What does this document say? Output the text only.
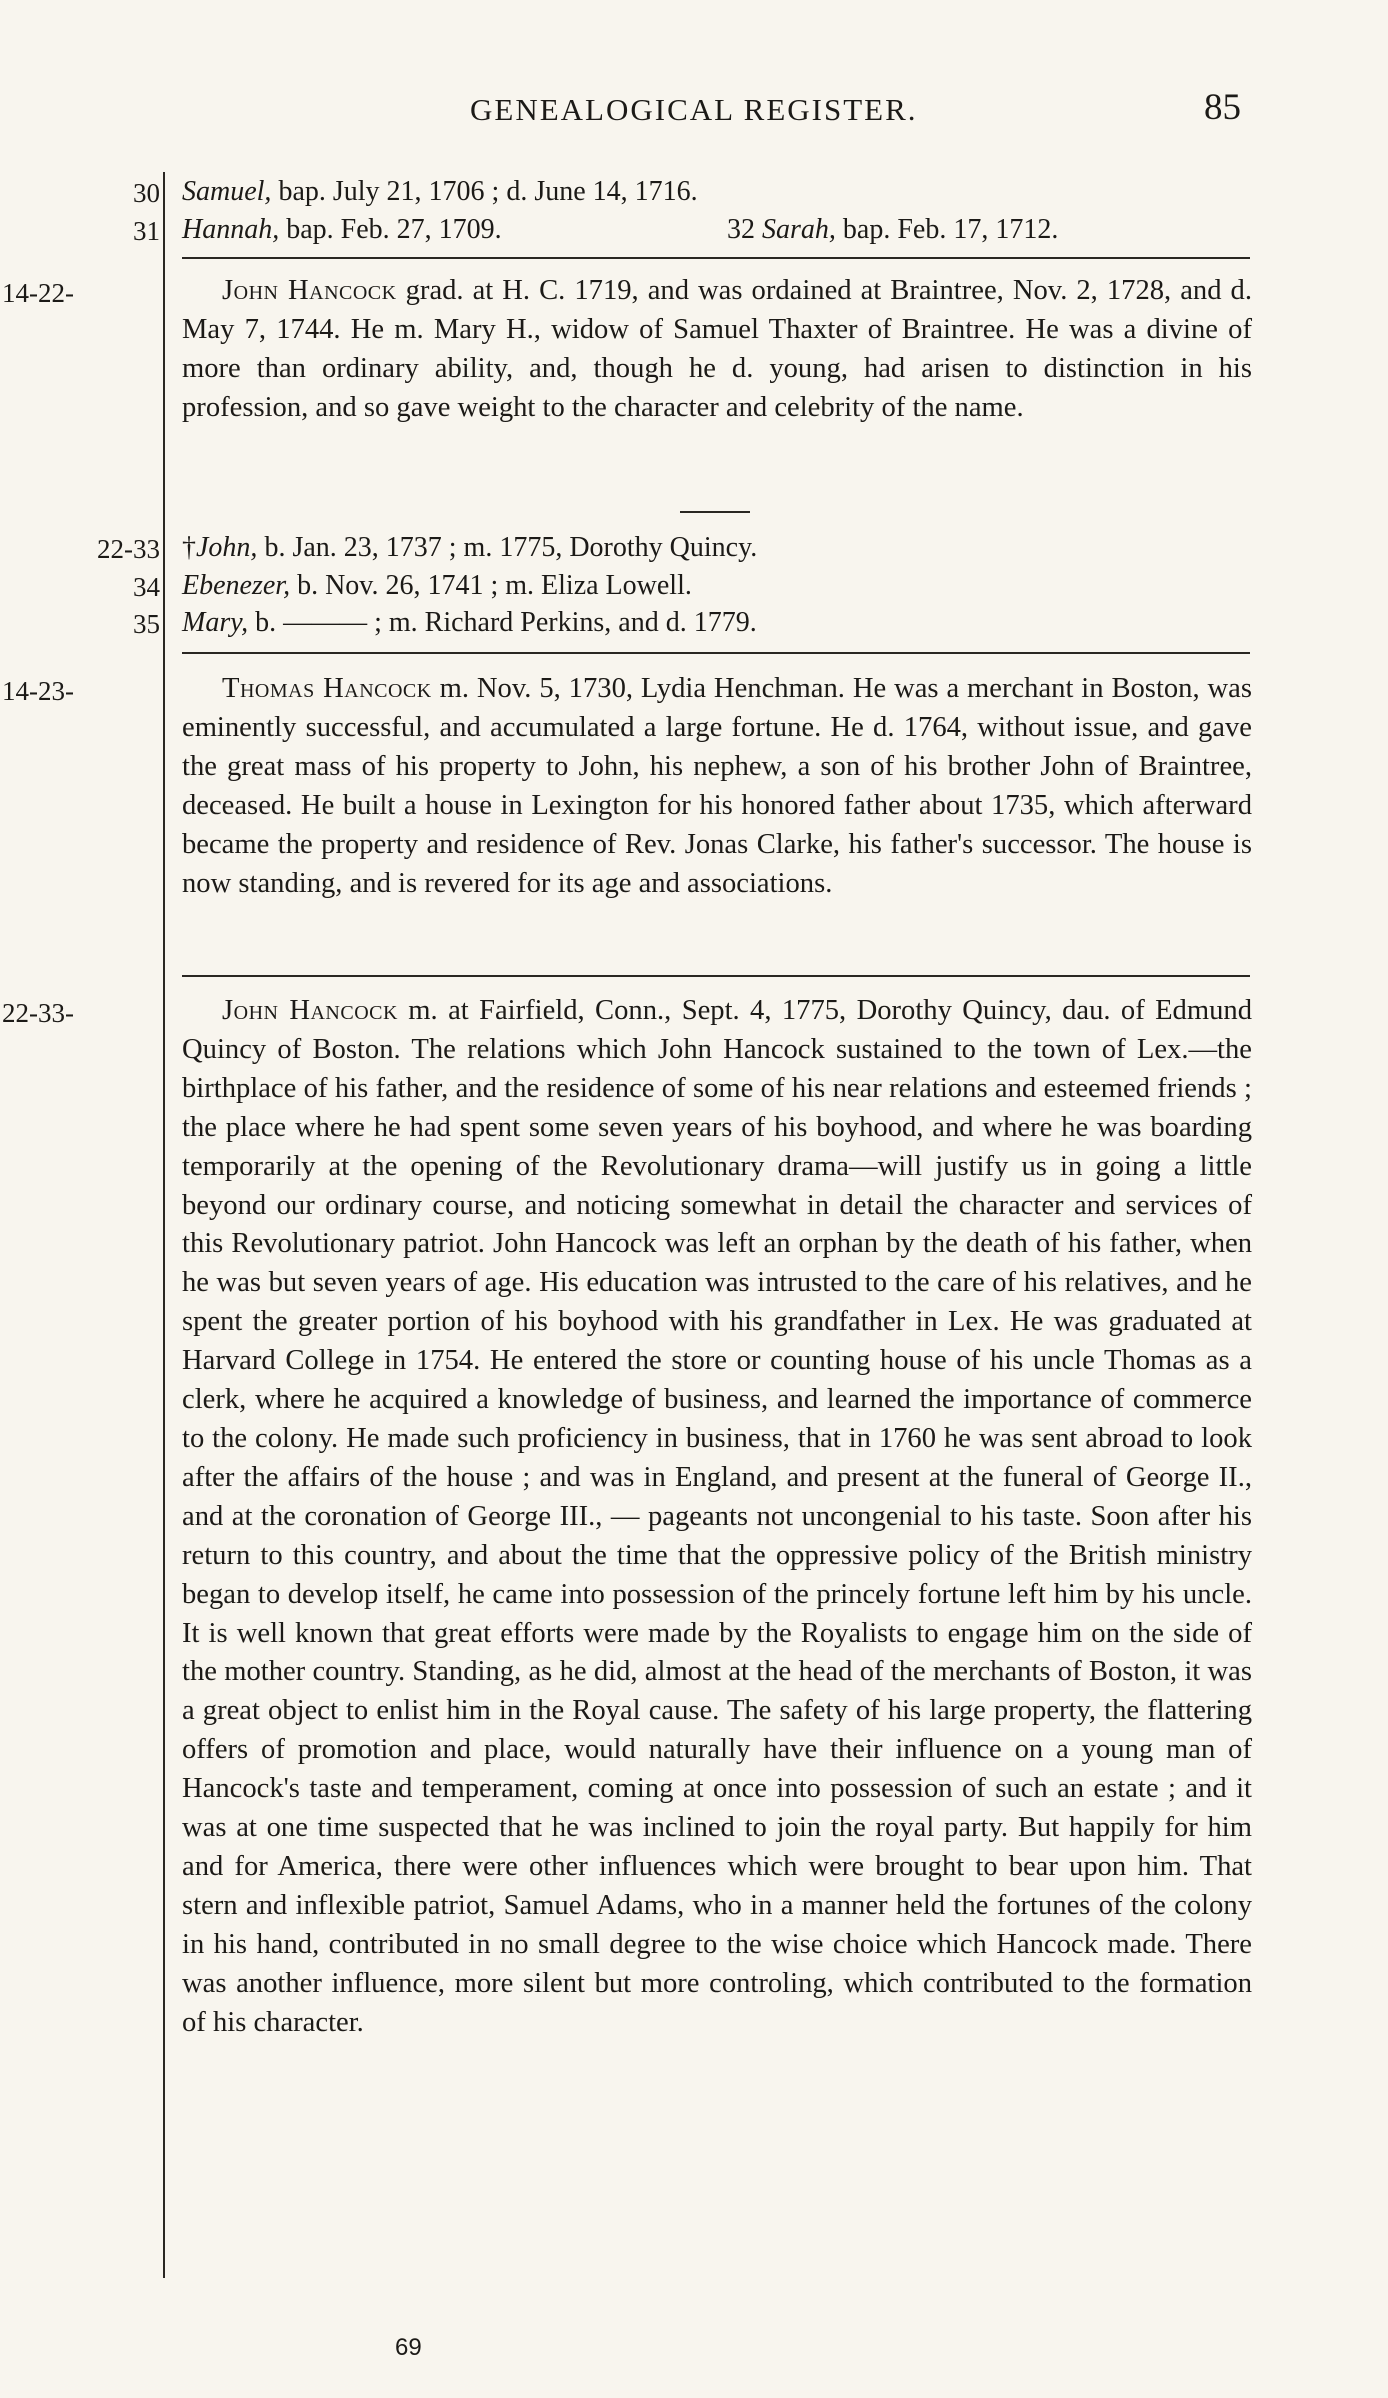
GENEALOGICAL REGISTER.	85
30 Samuel, bap. July 21, 1706 ; d. June 14, 1716.
31 Hannah, bap. Feb. 27, 1709.	32 Sarah, bap. Feb. 17, 1712.
14-22-	John Hancock grad. at H. C. 1719, and was ordained at Braintree, Nov. 2, 1728, and d. May 7, 1744. He m. Mary H., widow of Samuel Thaxter of Braintree. He was a divine of more than ordinary ability, and, though he d. young, had arisen to distinction in his profession, and so gave weight to the character and celebrity of the name.
22-33 †John, b. Jan. 23, 1737 ; m. 1775, Dorothy Quincy.
34 Ebenezer, b. Nov. 26, 1741 ; m. Eliza Lowell.
35 Mary, b. ——— ; m. Richard Perkins, and d. 1779.
14-23-	Thomas Hancock m. Nov. 5, 1730, Lydia Henchman. He was a merchant in Boston, was eminently successful, and accumulated a large fortune. He d. 1764, without issue, and gave the great mass of his property to John, his nephew, a son of his brother John of Braintree, deceased. He built a house in Lexington for his honored father about 1735, which afterward became the property and residence of Rev. Jonas Clarke, his father's successor. The house is now standing, and is revered for its age and associations.
22-33-	John Hancock m. at Fairfield, Conn., Sept. 4, 1775, Dorothy Quincy, dau. of Edmund Quincy of Boston. The relations which John Hancock sustained to the town of Lex.—the birthplace of his father, and the residence of some of his near relations and esteemed friends ; the place where he had spent some seven years of his boyhood, and where he was boarding temporarily at the opening of the Revolutionary drama—will justify us in going a little beyond our ordinary course, and noticing somewhat in detail the character and services of this Revolutionary patriot. John Hancock was left an orphan by the death of his father, when he was but seven years of age. His education was intrusted to the care of his relatives, and he spent the greater portion of his boyhood with his grandfather in Lex. He was graduated at Harvard College in 1754. He entered the store or counting house of his uncle Thomas as a clerk, where he acquired a knowledge of business, and learned the importance of commerce to the colony. He made such proficiency in business, that in 1760 he was sent abroad to look after the affairs of the house ; and was in England, and present at the funeral of George II., and at the coronation of George III., — pageants not uncongenial to his taste. Soon after his return to this country, and about the time that the oppressive policy of the British ministry began to develop itself, he came into possession of the princely fortune left him by his uncle. It is well known that great efforts were made by the Royalists to engage him on the side of the mother country. Standing, as he did, almost at the head of the merchants of Boston, it was a great object to enlist him in the Royal cause. The safety of his large property, the flattering offers of promotion and place, would naturally have their influence on a young man of Hancock's taste and temperament, coming at once into possession of such an estate ; and it was at one time suspected that he was inclined to join the royal party. But happily for him and for America, there were other influences which were brought to bear upon him. That stern and inflexible patriot, Samuel Adams, who in a manner held the fortunes of the colony in his hand, contributed in no small degree to the wise choice which Hancock made. There was another influence, more silent but more controling, which contributed to the formation of his character.
69
